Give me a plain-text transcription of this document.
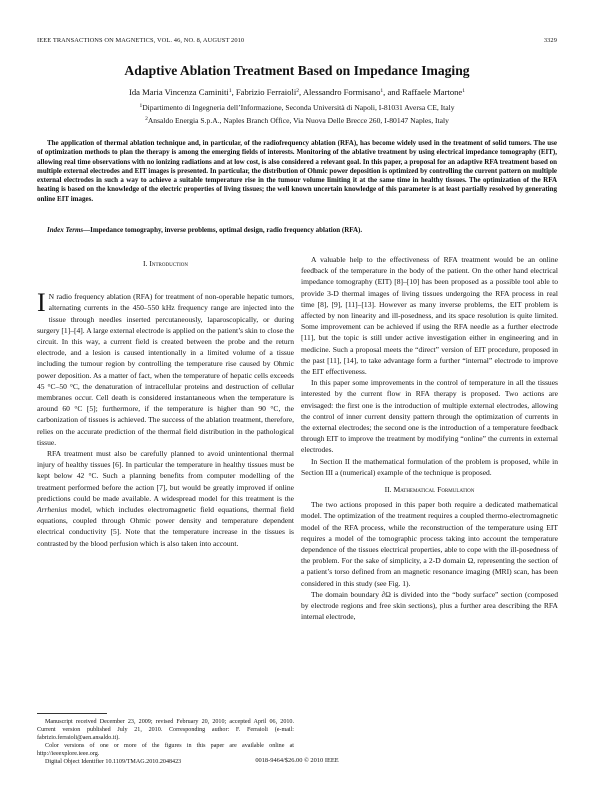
IEEE TRANSACTIONS ON MAGNETICS, VOL. 46, NO. 8, AUGUST 2010	3329
Adaptive Ablation Treatment Based on Impedance Imaging
Ida Maria Vincenza Caminiti$^1$, Fabrizio Ferraioli$^2$, Alessandro Formisano$^1$, and Raffaele Martone$^1$
$^1$Dipartimento di Ingegneria dell’Informazione, Seconda Università di Napoli, I-81031 Aversa CE, Italy
$^2$Ansaldo Energia S.p.A., Naples Branch Office, Via Nuova Delle Brecce 260, I-80147 Naples, Italy
The application of thermal ablation technique and, in particular, of the radiofrequency ablation (RFA), has become widely used in the treatment of solid tumors. The use of optimization methods to plan the therapy is among the emerging fields of interests. Monitoring of the ablative treatment by using electrical impedance tomography (EIT), allowing real time observations with no ionizing radiations and at low cost, is also considered a relevant goal. In this paper, a proposal for an adaptive RFA treatment based on multiple external electrodes and EIT images is presented. In particular, the distribution of Ohmic power deposition is optimized by controlling the current pattern on multiple external electrodes in such a way to achieve a suitable temperature rise in the tumour volume limiting it at the same time in healthy tissues. The optimization of the RFA heating is based on the knowledge of the electric properties of living tissues; the well known uncertain knowledge of this parameter is at least partially resolved by generating online EIT images.
Index Terms—Impedance tomography, inverse problems, optimal design, radio frequency ablation (RFA).
I. Introduction

I N radio frequency ablation (RFA) for treatment of non-operable hepatic tumors, alternating currents in the 450–550 kHz frequency range are injected into the tissue through needles inserted percutaneously, laparoscopically, or during surgery [1]–[4]. A large external electrode is applied on the patient’s skin to close the circuit. In this way, a current field is created between the probe and the return electrode, and a lesion is caused intentionally in a limited volume of a tissue including the tumour region by controlling the temperature rise caused by Ohmic power deposition. As a matter of fact, when the temperature of hepatic cells exceeds 45 °C–50 °C, the denaturation of intracellular proteins and destruction of cellular membranes occur. Cell death is considered instantaneous when the temperature is around 60 °C [5]; furthermore, if the temperature is higher than 90 °C, the carbonization of tissues is achieved. The success of the ablation treatment, therefore, relies on the accurate prediction of the thermal field distribution in the pathological tissue.

RFA treatment must also be carefully planned to avoid unintentional thermal injury of healthy tissues [6]. In particular the temperature in healthy tissues must be kept below 42 °C. Such a planning benefits from computer modelling of the treatment performed before the action [7], but would be greatly improved if online predictions could be made available. A widespread model for this treatment is the Arrhenius model, which includes electromagnetic field equations, thermal field equations, coupled through Ohmic power density and temperature dependent electrical conductivity [5]. Note that the temperature increase in the tissues is contrasted by the blood perfusion which is also taken into account.

A valuable help to the effectiveness of RFA treatment would be an online feedback of the temperature in the body of the patient. On the other hand electrical impedance tomography (EIT) [8]–[10] has been proposed as a possible tool able to provide 3-D thermal images of living tissues undergoing the RFA process in real time [8], [9], [11]–[13]. However as many inverse problems, the EIT problem is affected by non linearity and ill-posedness, and its space resolution is quite limited. Some improvement can be achieved if using the RFA needle as a further electrode [11], but the topic is still under active investigation either in engineering and in medicine. Such a proposal meets the “direct” version of EIT procedure, proposed in the past [11], [14], to take advantage form a further “internal” electrode to improve the EIT effectiveness.

In this paper some improvements in the control of temperature in all the tissues interested by the current flow in RFA therapy is proposed. Two actions are envisaged: the first one is the introduction of multiple external electrodes, allowing the control of inner current density pattern through the optimization of currents in the external electrodes; the second one is the introduction of a temperature feedback through EIT to improve the treatment by modifying “online” the currents in external electrodes.

In Section II the mathematical formulation of the problem is proposed, while in Section III a (numerical) example of the technique is proposed.

II. Mathematical Formulation

The two actions proposed in this paper both require a dedicated mathematical model. The optimization of the treatment requires a coupled thermo-electromagnetic model of the RFA process, while the reconstruction of the temperature using EIT requires a model of the tomographic process taking into account the temperature dependence of the tissues electrical properties, able to cope with the ill-posedness of the problem. For the sake of simplicity, a 2-D domain Ω, representing the section of a patient’s torso defined from an magnetic resonance imaging (MRI) scan, has been considered in this study (see Fig. 1).

The domain boundary ∂Ω is divided into the “body surface” section (composed by electrode regions and free skin sections), plus a further area describing the RFA internal electrode,

Manuscript received December 23, 2009; revised February 20, 2010; accepted April 06, 2010. Current version published July 21, 2010. Corresponding author: F. Ferraioli (e-mail: fabrizio.ferraioli@aen.ansaldo.it).

Color versions of one or more of the figures in this paper are available online at http://ieeexplore.ieee.org.

Digital Object Identifier 10.1109/TMAG.2010.2048423	0018-9464/$26.00 © 2010 IEEE
